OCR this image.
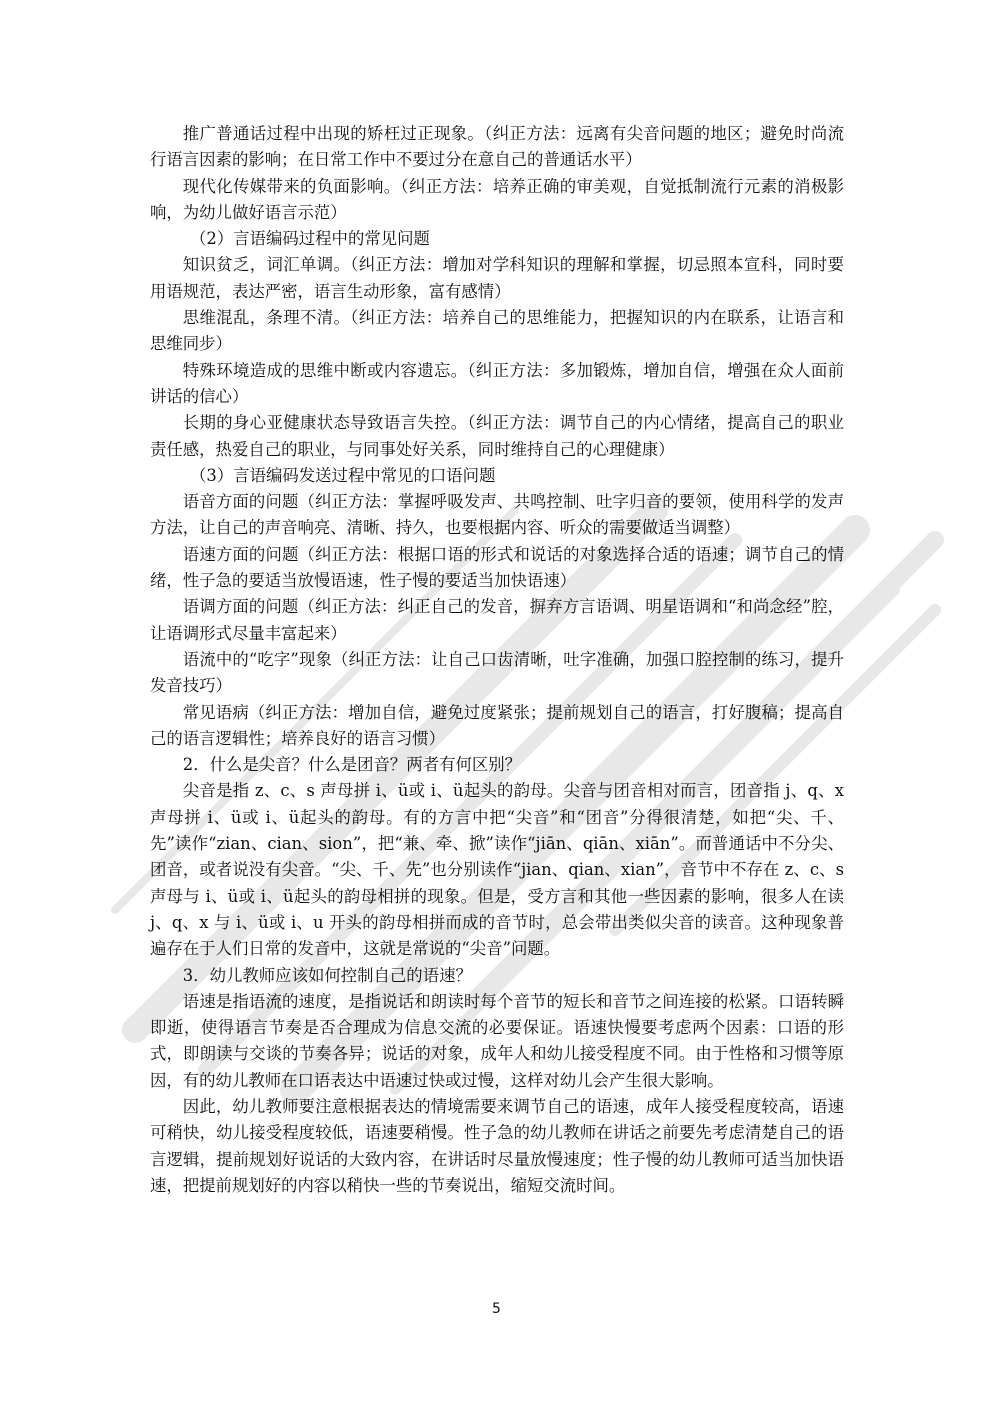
推广普通话过程中出现的矫枉过正现象。（纠正方法：远离有尖音问题的地区；避免时尚流行语言因素的影响；在日常工作中不要过分在意自己的普通话水平）

现代化传媒带来的负面影响。（纠正方法：培养正确的审美观，自觉抵制流行元素的消极影响，为幼儿做好语言示范）

（2）言语编码过程中的常见问题

知识贫乏，词汇单调。（纠正方法：增加对学科知识的理解和掌握，切忌照本宣科，同时要用语规范，表达严密，语言生动形象，富有感情）

思维混乱，条理不清。（纠正方法：培养自己的思维能力，把握知识的内在联系，让语言和思维同步）

特殊环境造成的思维中断或内容遗忘。（纠正方法：多加锻炼，增加自信，增强在众人面前讲话的信心）

长期的身心亚健康状态导致语言失控。（纠正方法：调节自己的内心情绪，提高自己的职业责任感，热爱自己的职业，与同事处好关系，同时维持自己的心理健康）

（3）言语编码发送过程中常见的口语问题

语音方面的问题（纠正方法：掌握呼吸发声、共鸣控制、吐字归音的要领，使用科学的发声方法，让自己的声音响亮、清晰、持久，也要根据内容、听众的需要做适当调整）

语速方面的问题（纠正方法：根据口语的形式和说话的对象选择合适的语速；调节自己的情绪，性子急的要适当放慢语速，性子慢的要适当加快语速）

语调方面的问题（纠正方法：纠正自己的发音，摒弃方言语调、明星语调和“和尚念经”腔，让语调形式尽量丰富起来）

语流中的“吃字”现象（纠正方法：让自己口齿清晰，吐字准确，加强口腔控制的练习，提升发音技巧）

常见语病（纠正方法：增加自信，避免过度紧张；提前规划自己的语言，打好腹稿；提高自己的语言逻辑性；培养良好的语言习惯）

2．什么是尖音？什么是团音？两者有何区别？

尖音是指 z、c、s 声母拼 i、ü或 i、ü起头的韵母。尖音与团音相对而言，团音指 j、q、x 声母拼 i、ü或 i、ü起头的韵母。有的方言中把“尖音”和“团音”分得很清楚，如把“尖、千、先”读作“zian、cian、sion”，把“兼、牵、掀”读作“jiān、qiān、xiān”。而普通话中不分尖、团音，或者说没有尖音。“尖、千、先”也分别读作“jian、qian、xian”，音节中不存在 z、c、s 声母与 i、ü或 i、ü起头的韵母相拼的现象。但是，受方言和其他一些因素的影响，很多人在读 j、q、x 与 i、ü或 i、u 开头的韵母相拼而成的音节时，总会带出类似尖音的读音。这种现象普遍存在于人们日常的发音中，这就是常说的“尖音”问题。

3．幼儿教师应该如何控制自己的语速？

语速是指语流的速度，是指说话和朗读时每个音节的短长和音节之间连接的松紧。口语转瞬即逝，使得语言节奏是否合理成为信息交流的必要保证。语速快慢要考虑两个因素：口语的形式，即朗读与交谈的节奏各异；说话的对象，成年人和幼儿接受程度不同。由于性格和习惯等原因，有的幼儿教师在口语表达中语速过快或过慢，这样对幼儿会产生很大影响。

因此，幼儿教师要注意根据表达的情境需要来调节自己的语速，成年人接受程度较高，语速可稍快，幼儿接受程度较低，语速要稍慢。性子急的幼儿教师在讲话之前要先考虑清楚自己的语言逻辑，提前规划好说话的大致内容，在讲话时尽量放慢速度；性子慢的幼儿教师可适当加快语速，把提前规划好的内容以稍快一些的节奏说出，缩短交流时间。

5
